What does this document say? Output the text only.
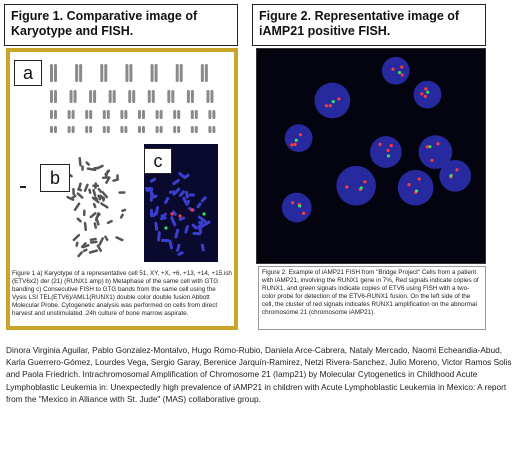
Figure 1. Comparative image of
Karyotype and FISH.
Figure 2. Representative image of
iAMP21 positive FISH.
a
b
c
Figure 1 a) Karyotype of a representative cell 51, XY, +X, +6, +13, +14, +15.ish (ETV6x2) der (21) (RUNX1 amp) b) Metaphase of the same cell with GTG banding c) Consecutive FISH to GTG bands from the same cell using the Vysis LSI TEL(ETV6)/AML1(RUNX1) double color double fusion Abbott Molecular Probe. Cytogenetic analysis was performed on cells from direct harvest and unstimulated .24h culture of bone marrow aspirate.
Figure 2. Example of iAMP21 FISH from "Bridge Project" Cells from a patient with iAMP21, involving the RUNX1 gene in 7%, Red signals indicate copies of RUNX1, and green signals indicate copies of ETV6 using FISH with a two-color probe for detection of the ETV6-RUNX1 fusion. On the left side of the cell, the cluster of red signals indicates RUNX1 amplification on the abnormal chromosome 21 (chromosome iAMP21).
Dinora Virginia Aguilar, Pablo Gonzalez-Montalvo, Hugo Romo-Rubio, Daniela Arce-Cabrera, Nataly Mercado, Naomi Echeandia-Abud, Karla Guerrero-Gómez, Lourdes Vega, Sergio Garay, Berenice Jarquín-Ramirez, Netzi Rivera-Sanchez, Julio Moreno, Victor Ramos Solis and Paola Friedrich. Intrachromosomal Amplification of Chromosome 21 (Iamp21) by Molecular Cytogenetics in Childhood Acute Lymphoblastic Leukemia in: Unexpectedly high prevalence of iAMP21 in children with Acute Lymphoblastic Leukemia in Mexico: A report from the "Mexico in Alliance with St. Jude" (MAS) collaborative group.
